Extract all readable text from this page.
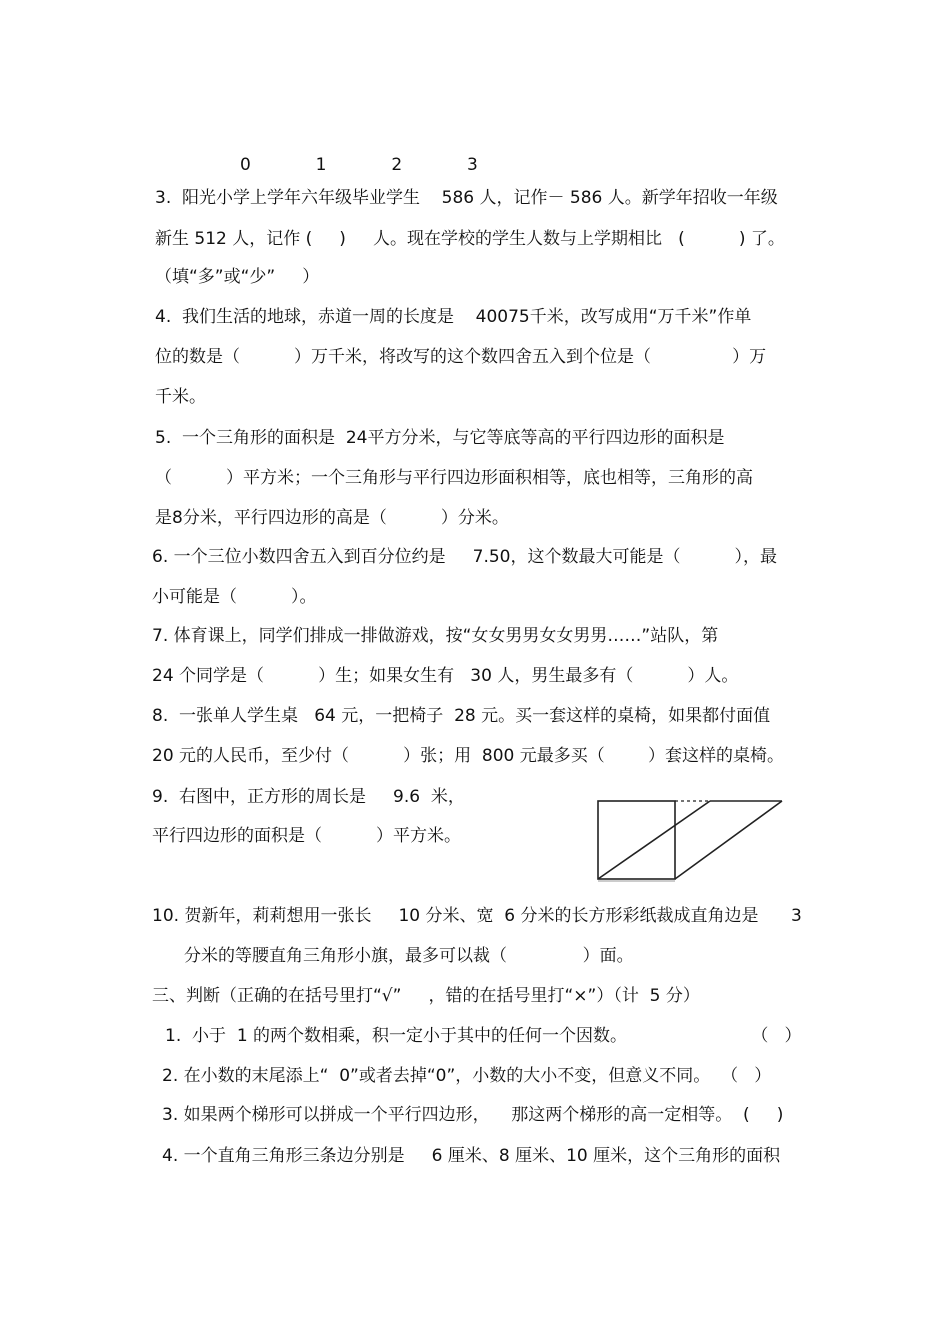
0            1            2            3
3.  阳光小学上学年六年级毕业学生    586 人，记作－ 586 人。新学年招收一年级
新生 512 人，记作 (     )     人。现在学校的学生人数与上学期相比   (          ) 了。
（填“多”或“少”     ）
4.  我们生活的地球，赤道一周的长度是    40075千米，改写成用“万千米”作单
位的数是（          ）万千米，将改写的这个数四舍五入到个位是（               ）万
千米。
5.  一个三角形的面积是  24平方分米，与它等底等高的平行四边形的面积是
（          ）平方米；一个三角形与平行四边形面积相等，底也相等，三角形的高
是8分米，平行四边形的高是（          ）分米。
6. 一个三位小数四舍五入到百分位约是     7.50，这个数最大可能是（          ），最
小可能是（          ）。
7. 体育课上，同学们排成一排做游戏，按“女女男男女女男男……”站队，第
24 个同学是（          ）生；如果女生有   30 人，男生最多有（          ）人。
8.  一张单人学生桌   64 元，一把椅子  28 元。买一套这样的桌椅，如果都付面值
20 元的人民币，至少付（          ）张；用  800 元最多买（        ）套这样的桌椅。
9.  右图中，正方形的周长是     9.6  米，
平行四边形的面积是（          ）平方米。
10. 贺新年，莉莉想用一张长     10 分米、宽  6 分米的长方形彩纸裁成直角边是      3
分米的等腰直角三角形小旗，最多可以裁（              ）面。
三、判断（正确的在括号里打“√”     ，错的在括号里打“×”）（计  5 分）
1.  小于  1 的两个数相乘，积一定小于其中的任何一个因数。                       （   ）
2. 在小数的末尾添上“  0”或者去掉“0”，小数的大小不变，但意义不同。  （   ）
3. 如果两个梯形可以拼成一个平行四边形，    那这两个梯形的高一定相等。  (     )
4. 一个直角三角形三条边分别是     6 厘米、8 厘米、10 厘米，这个三角形的面积
